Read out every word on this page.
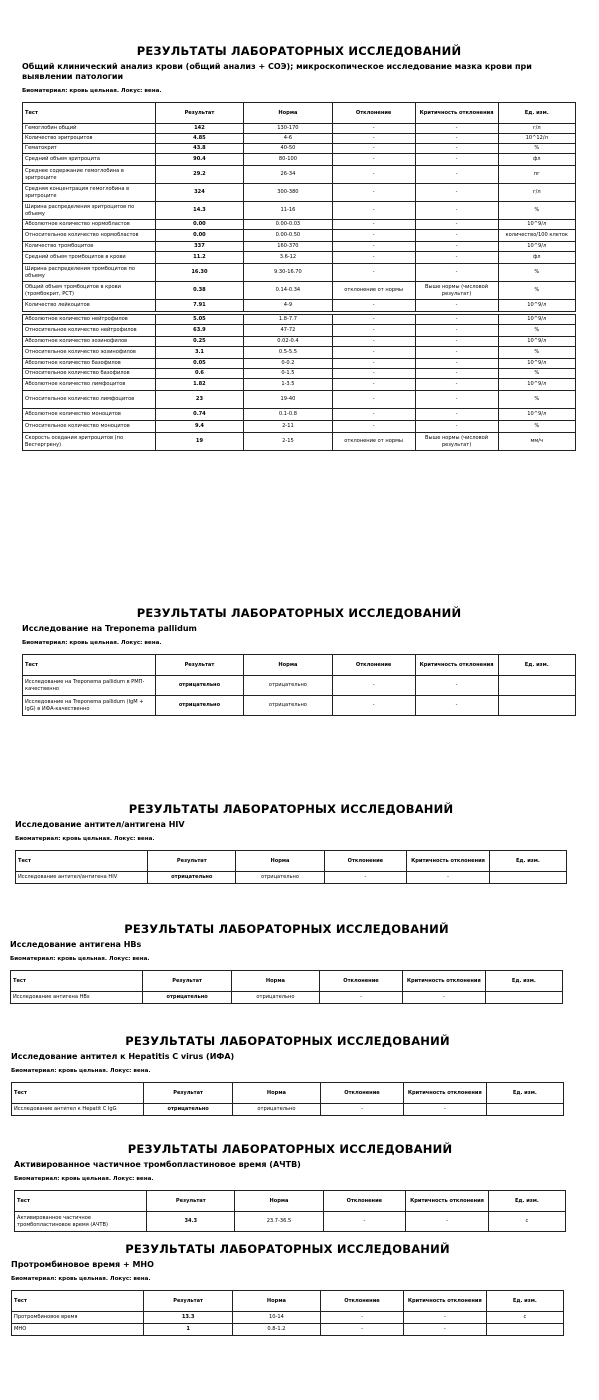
РЕЗУЛЬТАТЫ ЛАБОРАТОРНЫХ ИССЛЕДОВАНИЙ
Общий клинический анализ крови (общий анализ + СОЭ); микроскопическое исследование мазка крови при выявлении патологии
Биоматериал: кровь цельная. Локус: вена.
Тест	Результат	Норма	Отклонение	Критичность отклонения	Ед. изм.
Гемоглобин общий	142	130-170	-	-	г/л
Количество эритроцитов	4.85	4-6	-	-	10^12/л
Гематокрит	43.8	40-50	-	-	%
Средний объем эритроцита	90.4	80-100	-	-	фл
Среднее содержание гемоглобина в эритроците	29.2	26-34	-	-	пг
Средняя концентрация гемоглобина в эритроците	324	300-380	-	-	г/л
Ширина распределения эритроцитов по объему	14.3	11-16	-	-	%
Абсолютное количество нормобластов	0.00	0.00-0.03	-	-	10^9/л
Относительное количество нормобластов	0.00	0.00-0.50	-	-	количество/100 клеток
Количество тромбоцитов	337	160-370	-	-	10^9/л
Средний объем тромбоцитов в крови	11.2	3.6-12	-	-	фл
Ширина распределения тромбоцитов по объему	16.30	9.30-16.70	-	-	%
Общий объем тромбоцитов в крови (тромбокрит, PCT)	0.38	0.14-0.34	отклонение от нормы	Выше нормы (числовой результат)	%
Количество лейкоцитов	7.91	4-9	-	-	10^9/л

Абсолютное количество нейтрофилов	5.05	1.8-7.7	-	-	10^9/л
Относительное количество нейтрофилов	63.9	47-72	-	-	%
Абсолютное количество эозинофилов	0.25	0.02-0.4	-	-	10^9/л
Относительное количество эозинофилов	3.1	0.5-5.5	-	-	%
Абсолютное количество базофилов	0.05	0-0.2	-	-	10^9/л
Относительное количество базофилов	0.6	0-1.5	-	-	%
Абсолютное количество лимфоцитов	1.82	1-3.5	-	-	10^9/л
Относительное количество лимфоцитов	23	19-40	-	-	%
Абсолютное количество моноцитов	0.74	0.1-0.8	-	-	10^9/л
Относительное количество моноцитов	9.4	2-11	-	-	%
Скорость оседания эритроцитов (по Вестергрену)	19	2-15	отклонение от нормы	Выше нормы (числовой результат)	мм/ч
РЕЗУЛЬТАТЫ ЛАБОРАТОРНЫХ ИССЛЕДОВАНИЙ
Исследование на Treponema pallidum
Биоматериал: кровь цельная. Локус: вена.
Тест	Результат	Норма	Отклонение	Критичность отклонения	Ед. изм.
Исследование на Treponema pallidum в РМП-качественно	отрицательно	отрицательно	-	-	
Исследование на Treponema pallidum (IgM + IgG) в ИФА-качественно	отрицательно	отрицательно	-	-	
РЕЗУЛЬТАТЫ ЛАБОРАТОРНЫХ ИССЛЕДОВАНИЙ
Исследование антител/антигена HIV
Биоматериал: кровь цельная. Локус: вена.
Тест	Результат	Норма	Отклонение	Критичность отклонения	Ед. изм.
Исследование антител/антигена HIV	отрицательно	отрицательно	-	-	
РЕЗУЛЬТАТЫ ЛАБОРАТОРНЫХ ИССЛЕДОВАНИЙ
Исследование антигена HBs
Биоматериал: кровь цельная. Локус: вена.
Тест	Результат	Норма	Отклонение	Критичность отклонения	Ед. изм.
Исследование антигена HBs	отрицательно	отрицательно	-	-	
РЕЗУЛЬТАТЫ ЛАБОРАТОРНЫХ ИССЛЕДОВАНИЙ
Исследование антител к Hepatitis C virus (ИФА)
Биоматериал: кровь цельная. Локус: вена.
Тест	Результат	Норма	Отклонение	Критичность отклонения	Ед. изм.
Исследование антител к Hepatit C IgG	отрицательно	отрицательно	-	-	
РЕЗУЛЬТАТЫ ЛАБОРАТОРНЫХ ИССЛЕДОВАНИЙ
Активированное частичное тромбопластиновое время (АЧТВ)
Биоматериал: кровь цельная. Локус: вена.
Тест	Результат	Норма	Отклонение	Критичность отклонения	Ед. изм.
Активированное частичное тромбопластиновое время (АЧТВ)	34.3	23.7-36.5	-	-	с
РЕЗУЛЬТАТЫ ЛАБОРАТОРНЫХ ИССЛЕДОВАНИЙ
Протромбиновое время + МНО
Биоматериал: кровь цельная. Локус: вена.
Тест	Результат	Норма	Отклонение	Критичность отклонения	Ед. изм.
Протромбиновое время	13.3	10-14	-	-	с
МНО	1	0.8-1.2	-	-	
